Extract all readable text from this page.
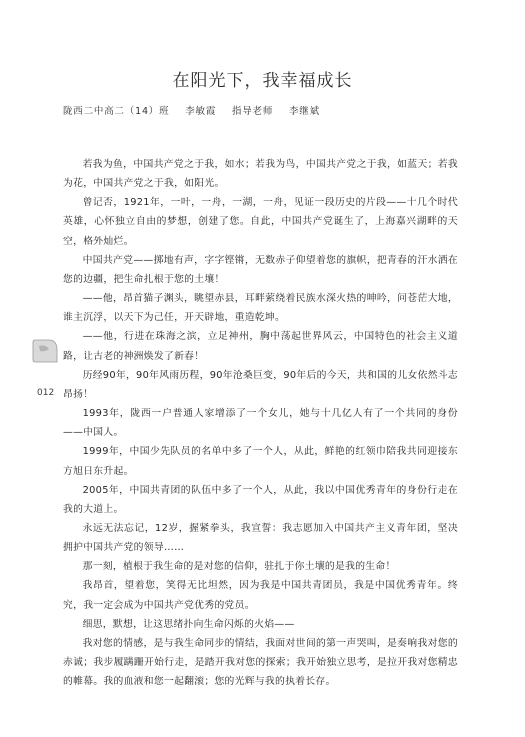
在阳光下，我幸福成长
陇西二中高二（14）班 李敏霞 指导老师 李继斌

若我为鱼，中国共产党之于我，如水；若我为鸟，中国共产党之于我，如蓝天；若我为花，中国共产党之于我，如阳光。

曾记否，1921年，一叶，一舟，一湖，一舟，见证一段历史的片段——十几个时代英雄，心怀独立自由的梦想，创建了您。自此，中国共产党诞生了，上海嘉兴湖畔的天空，格外灿烂。

中国共产党——掷地有声，字字铿锵，无数赤子仰望着您的旗帜，把青春的汗水洒在您的边疆，把生命扎根于您的土壤！

——他，昂首猫子渊头，眺望赤县，耳畔萦绕着民族水深火热的呻吟，问苍茫大地，谁主沉浮，以天下为己任，开天辟地，重造乾坤。

——他，行进在珠海之滨，立足神州，胸中荡起世界风云，中国特色的社会主义道路，让古老的神洲焕发了新春！

历经90年，90年风雨历程，90年沧桑巨变，90年后的今天，共和国的儿女依然斗志昂扬！

1993年，陇西一户普通人家增添了一个女儿，她与十几亿人有了一个共同的身份——中国人。

1999年，中国少先队员的名单中多了一个人，从此，鲜艳的红领巾陪我共同迎接东方旭日东升起。

2005年，中国共青团的队伍中多了一个人，从此，我以中国优秀青年的身份行走在我的大道上。

永远无法忘记，12岁，握紧拳头，我宣誓：我志愿加入中国共产主义青年团，坚决拥护中国共产党的领导……

那一刻，植根于我生命的是对您的信仰，驻扎于你土壤的是我的生命！

我昂首，望着您，笑得无比坦然，因为我是中国共青团员，我是中国优秀青年。终究，我一定会成为中国共产党优秀的党员。

细思，默想，让这思绪扑向生命闪烁的火焰——

我对您的情感，是与我生命同步的情结，我面对世间的第一声哭叫，是奏响我对您的赤诚；我步履蹒跚开始行走，是踏开我对您的探索；我开始独立思考，是拉开我对您精忠的帷幕。我的血液和您一起翻滚；您的光辉与我的执着长存。

012
